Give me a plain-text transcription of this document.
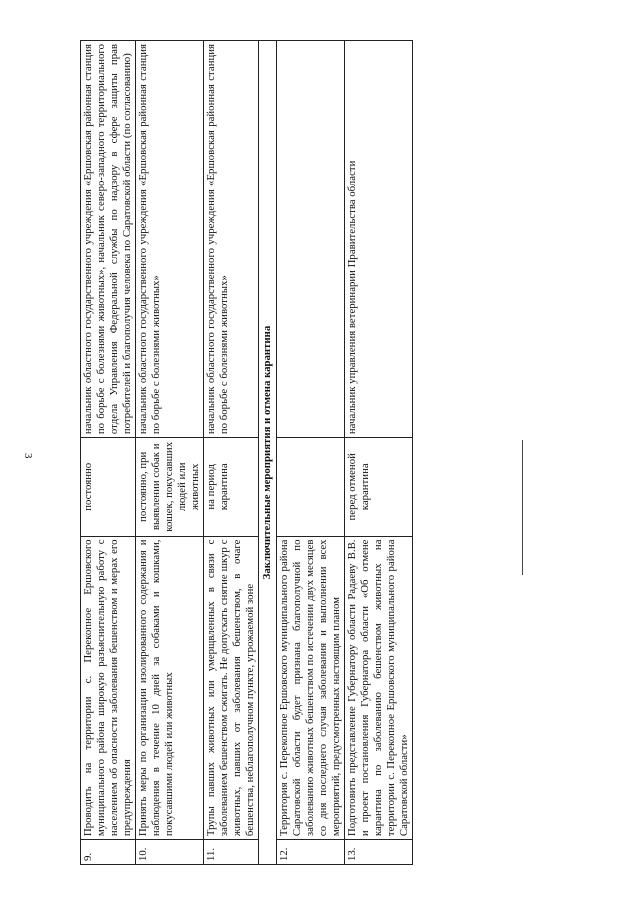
3
9.	Проводить на территории с. Перекопное Ершовского муниципального района широкую разъяснительную работу с населением об опасности заболевания бешенством и мерах его предупреждения	постоянно	начальник областного государственного учреждения «Ершовская районная станция по борьбе с болезнями животных», начальник северо-западного территориального отдела Управления Федеральной службы по надзору в сфере защиты прав потребителей и благополучия человека по Саратовской области (по согласованию)
10.	Принять меры по организации изолированного содержания и наблюдения в течение 10 дней за собаками и кошками, покусавшими людей или животных	постоянно, при выявлении собак и кошек, покусавших людей или животных	начальник областного государственного учреждения «Ершовская районная станция по борьбе с болезнями животных»
11.	Трупы павших животных или умерщвленных в связи с заболеванием бешенством сжигать. Не допускать снятие шкур с животных, павших от заболевания бешенством, в очаге бешенства, неблагополучном пункте, угрожаемой зоне	на период карантина	начальник областного государственного учреждения «Ершовская районная станция по борьбе с болезнями животных»
Заключительные мероприятия и отмена карантина			
12.	Территория с. Перекопное Ершовского муниципального района Саратовской области будет признана благополучной по заболеванию животных бешенством по истечении двух месяцев со дня последнего случая заболевания и выполнении всех мероприятий, предусмотренных настоящим планом		
13.	Подготовить представление Губернатору области Радаеву В.В. и проект постановления Губернатора области «Об отмене карантина по заболеванию бешенством животных на территории с. Перекопное Ершовского муниципального района Саратовской области»	перед отменой карантина	начальник управления ветеринарии Правительства области
